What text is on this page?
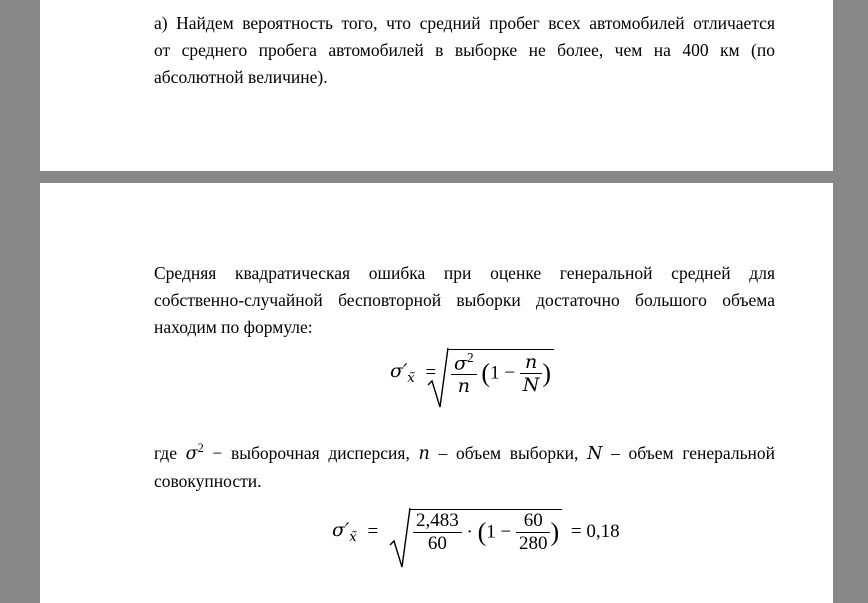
а) Найдем вероятность того, что средний пробег всех автомобилей отличается
от среднего пробега автомобилей в выборке не более, чем на 400 км (по
абсолютной величине).
Средняя квадратическая ошибка при оценке генеральной средней для
собственно-случайной бесповторной выборки достаточно большого объема
находим по формуле:
$\sigma'_{x̃} = \frac{\sigma^2}{n} (1 - \frac{n}{N}$ )
где $\sigma^2$ − выборочная дисперсия, n – объем выборки, N – объем генеральной
совокупности.
$\sigma'_{x̃} = \frac{2,483}{60} \cdot (1 - \frac{60}{280}$ ) = 0,18
